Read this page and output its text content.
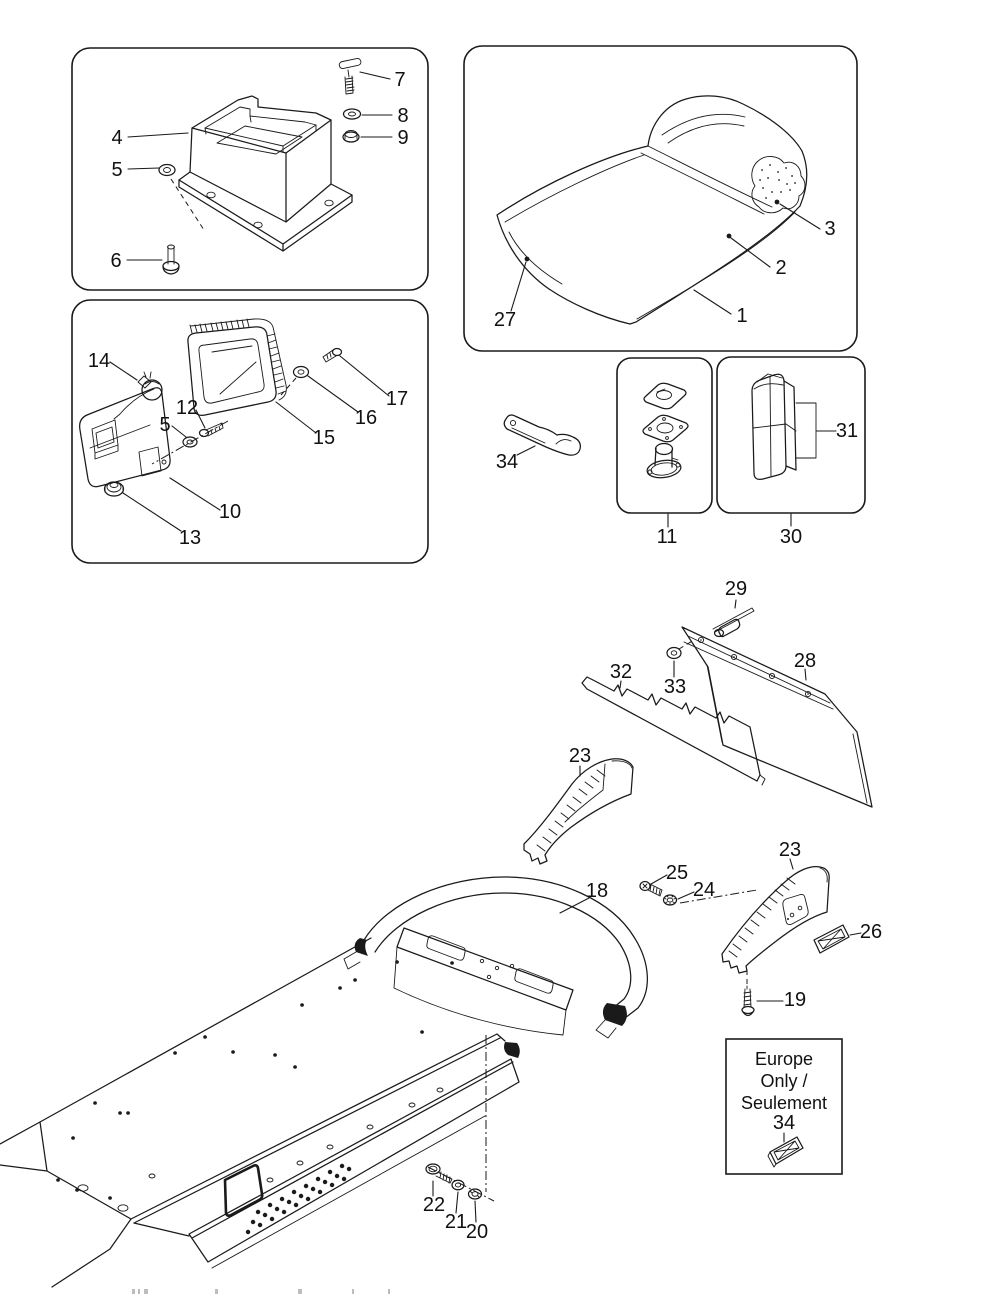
7
8
9
4
5
6
3
2
1
27
14
12
5
17
16
15
10
13
34
11
31
30
29
33
28
32
23
23
25
24
26
19
18
22
21
20
Europe
Only /
Seulement
34
